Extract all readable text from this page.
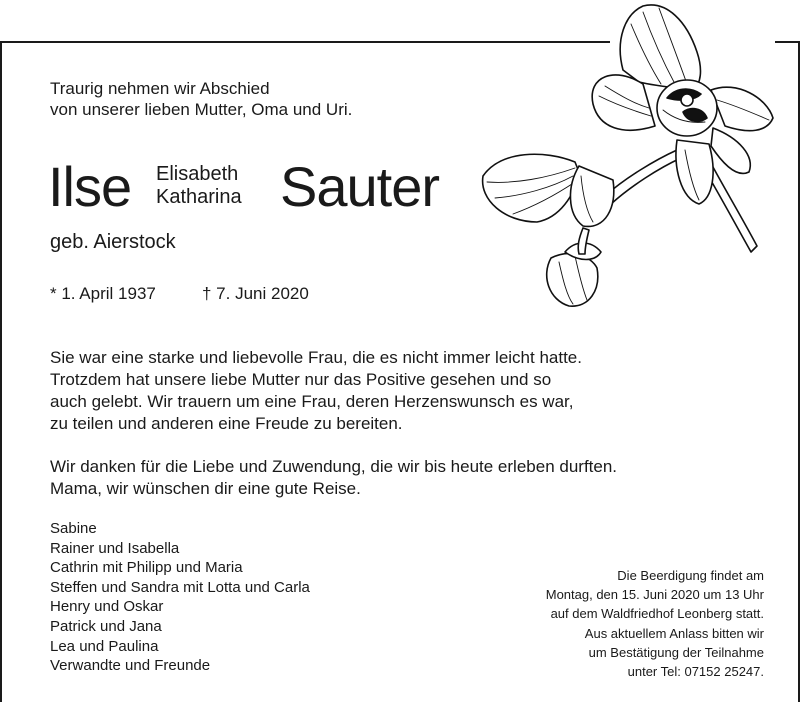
Traurig nehmen wir Abschied
von unserer lieben Mutter, Oma und Uri.
Ilse Elisabeth
Katharina Sauter
geb. Aierstock
* 1. April 1937	† 7. Juni 2020
Sie war eine starke und liebevolle Frau, die es nicht immer leicht hatte.
Trotzdem hat unsere liebe Mutter nur das Positive gesehen und so
auch gelebt. Wir trauern um eine Frau, deren Herzenswunsch es war,
zu teilen und anderen eine Freude zu bereiten.
Wir danken für die Liebe und Zuwendung, die wir bis heute erleben durften.
Mama, wir wünschen dir eine gute Reise.
Sabine
Rainer und Isabella
Cathrin mit Philipp und Maria
Steffen und Sandra mit Lotta und Carla
Henry und Oskar
Patrick und Jana
Lea und Paulina
Verwandte und Freunde
Die Beerdigung findet am
Montag, den 15. Juni 2020 um 13 Uhr
auf dem Waldfriedhof Leonberg statt.
Aus aktuellem Anlass bitten wir
um Bestätigung der Teilnahme
unter Tel: 07152 25247.
